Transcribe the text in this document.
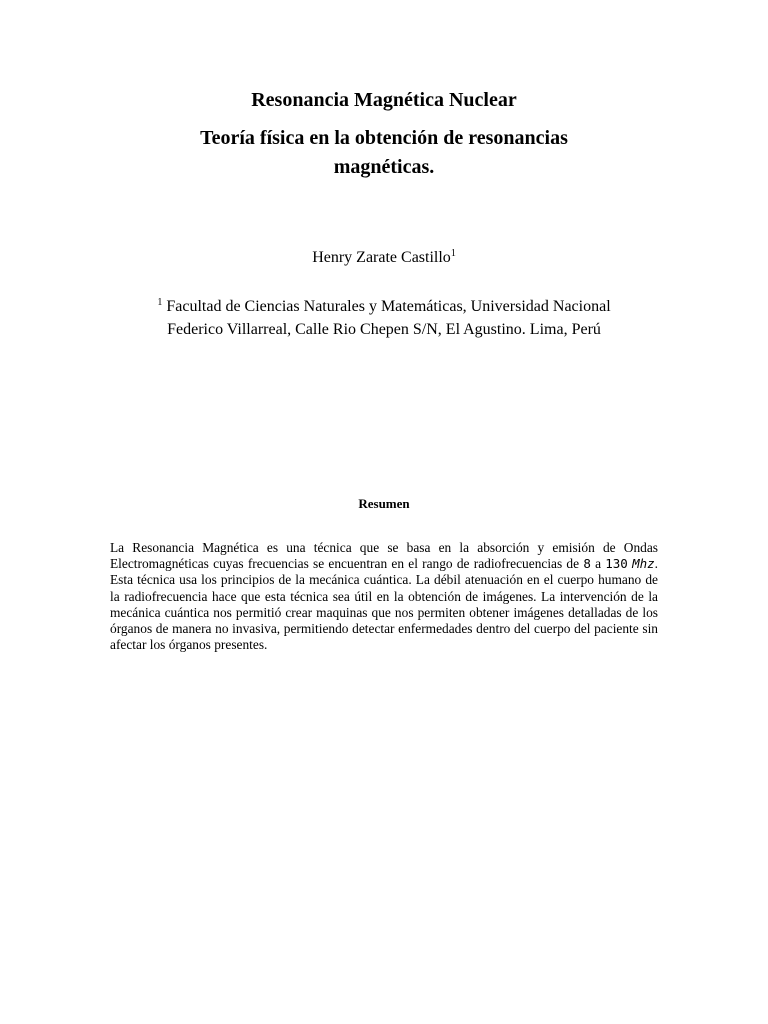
Resonancia Magnética Nuclear
Teoría física en la obtención de resonancias
magnéticas.
Henry Zarate Castillo$^1$
$^1$ Facultad de Ciencias Naturales y Matemáticas, Universidad Nacional
Federico Villarreal, Calle Rio Chepen S/N, El Agustino. Lima, Perú
Resumen

La Resonancia Magnética es una técnica que se basa en la absorción y emisión de Ondas Electromagnéticas cuyas frecuencias se encuentran en el rango de radiofrecuencias de 8 a 130 Mhz. Esta técnica usa los principios de la mecánica cuántica. La débil atenuación en el cuerpo humano de la radiofrecuencia hace que esta técnica sea útil en la obtención de imágenes. La intervención de la mecánica cuántica nos permitió crear maquinas que nos permiten obtener imágenes detalladas de los órganos de manera no invasiva, permitiendo detectar enfermedades dentro del cuerpo del paciente sin afectar los órganos presentes.
